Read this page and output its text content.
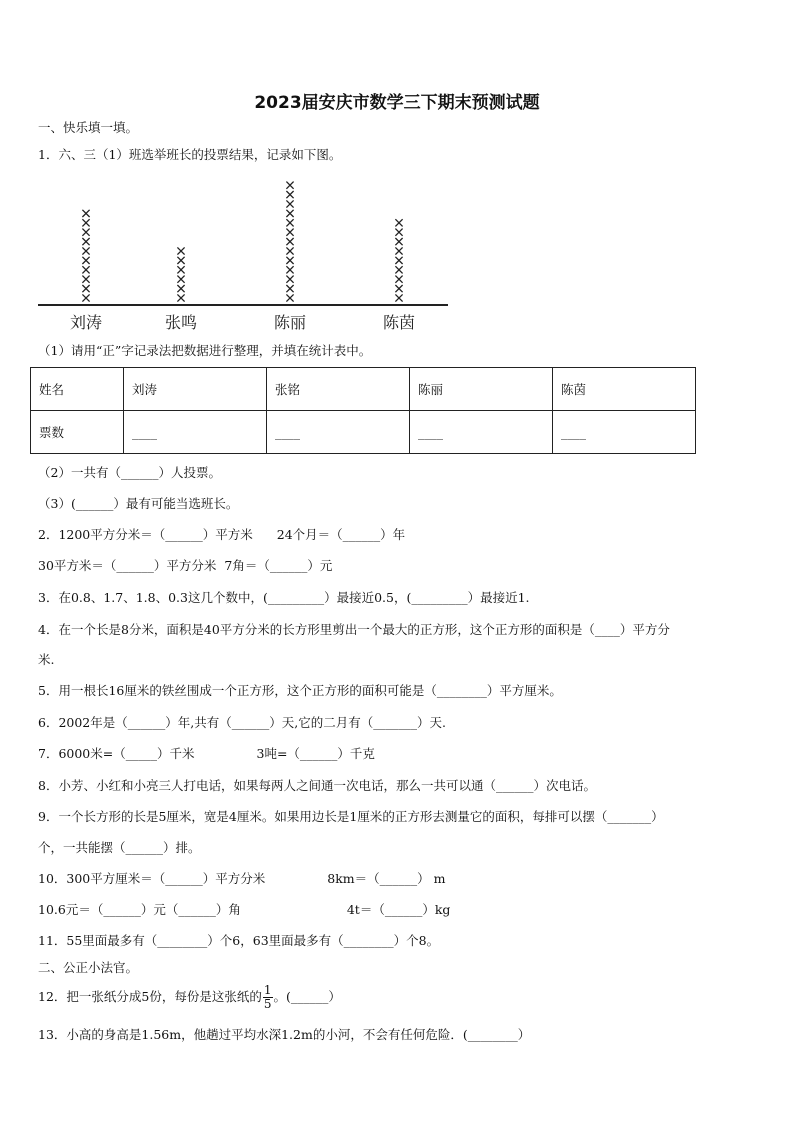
2023届安庆市数学三下期末预测试题
一、快乐填一填。
1．六、三（1）班选举班长的投票结果，记录如下图。
刘涛	张鸣	陈丽	陈茵
（1）请用“正”字记录法把数据进行整理，并填在统计表中。
姓名	刘涛	张铭	陈丽	陈茵
票数	____	____	____	____
（2）一共有（______）人投票。
（3）(______）最有可能当选班长。
2．1200平方分米＝（______）平方米 24个月＝（______）年
30平方米＝（______）平方分米 7角＝（______）元
3．在0.8、1.7、1.8、0.3这几个数中，(_________）最接近0.5，(_________）最接近1.
4．在一个长是8分米，面积是40平方分米的长方形里剪出一个最大的正方形，这个正方形的面积是（____）平方分
米.
5．用一根长16厘米的铁丝围成一个正方形，这个正方形的面积可能是（________）平方厘米。
6．2002年是（______）年,共有（______）天,它的二月有（_______）天.
7．6000米=（_____）千米	3吨=（______）千克
8．小芳、小红和小亮三人打电话，如果每两人之间通一次电话，那么一共可以通（______）次电话。
9．一个长方形的长是5厘米，宽是4厘米。如果用边长是1厘米的正方形去测量它的面积，每排可以摆（_______）
个，一共能摆（______）排。
10．300平方厘米＝（______）平方分米	8km＝（______） m
10.6元＝（______）元（______）角	4t＝（______）kg
11．55里面最多有（________）个6，63里面最多有（________）个8。
二、公正小法官。
12．把一张纸分成5份，每份是这张纸的 $\frac{1}{5}$ 。(______）
13．小高的身高是1.56m，他趟过平均水深1.2m的小河，不会有任何危险．(________）
